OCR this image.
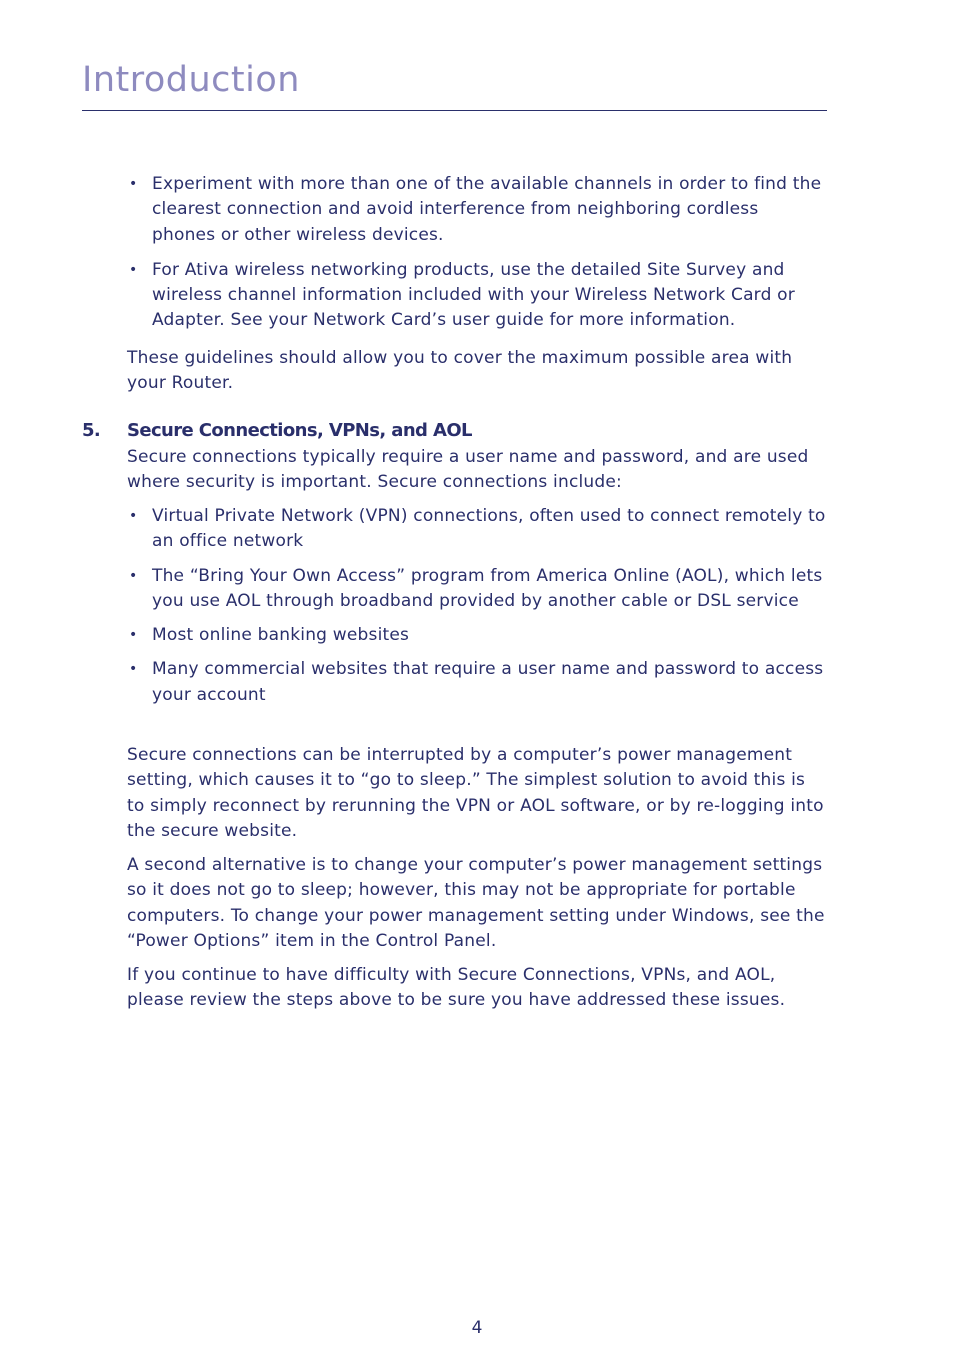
Introduction
• Experiment with more than one of the available channels in order to find the clearest connection and avoid interference from neighboring cordless phones or other wireless devices.
• For Ativa wireless networking products, use the detailed Site Survey and wireless channel information included with your Wireless Network Card or Adapter. See your Network Card’s user guide for more information.

These guidelines should allow you to cover the maximum possible area with your Router.

5. Secure Connections, VPNs, and AOL

Secure connections typically require a user name and password, and are used where security is important. Secure connections include:

• Virtual Private Network (VPN) connections, often used to connect remotely to an office network
• The “Bring Your Own Access” program from America Online (AOL), which lets you use AOL through broadband provided by another cable or DSL service
• Most online banking websites
• Many commercial websites that require a user name and password to access your account

Secure connections can be interrupted by a computer’s power management setting, which causes it to “go to sleep.” The simplest solution to avoid this is to simply reconnect by rerunning the VPN or AOL software, or by re-logging into the secure website.

A second alternative is to change your computer’s power management settings so it does not go to sleep; however, this may not be appropriate for portable computers. To change your power management setting under Windows, see the “Power Options” item in the Control Panel.

If you continue to have difficulty with Secure Connections, VPNs, and AOL, please review the steps above to be sure you have addressed these issues.

4
